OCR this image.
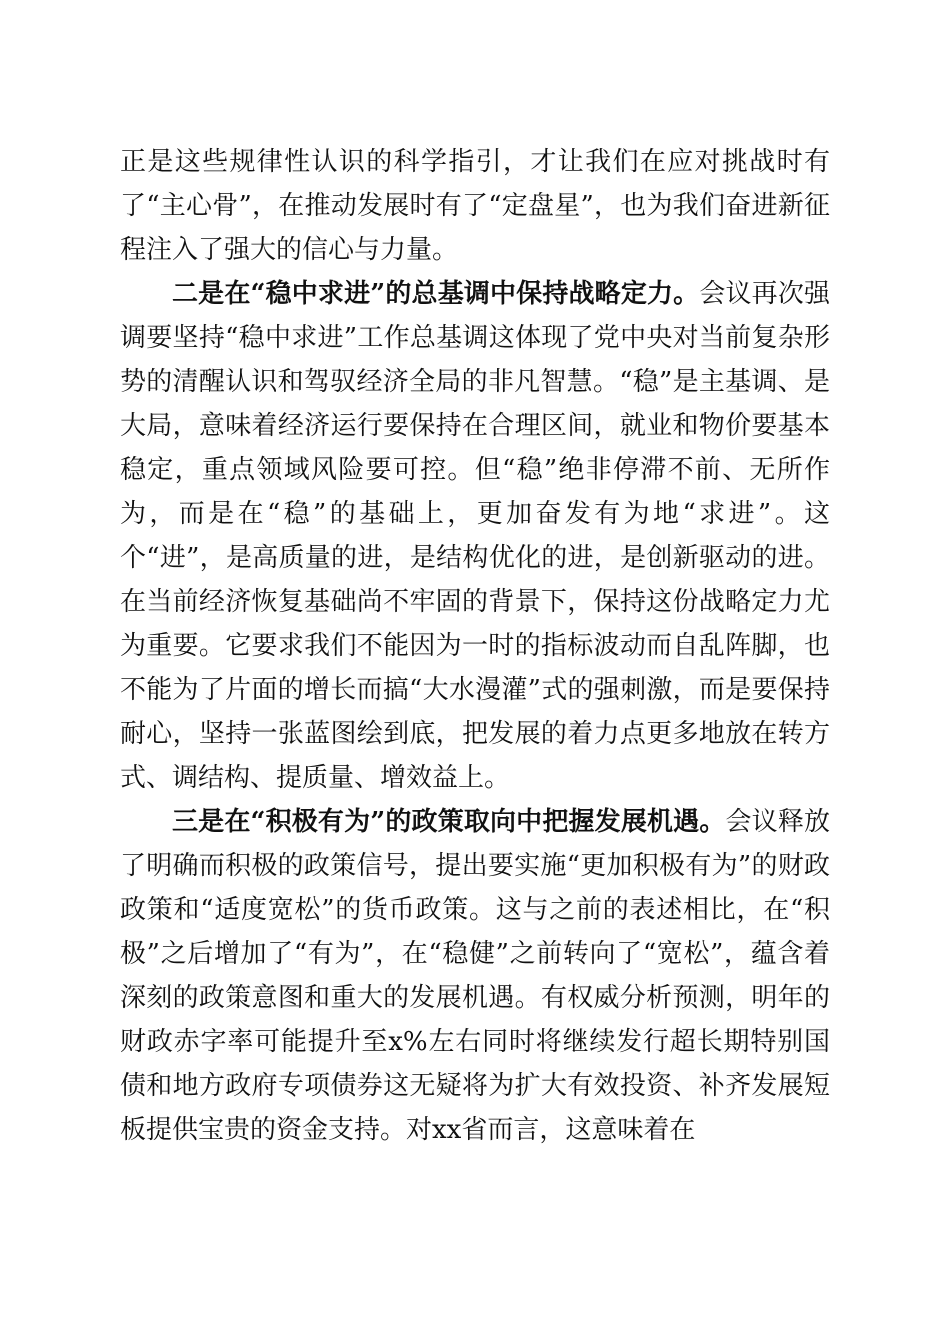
正是这些规律性认识的科学指引，才让我们在应对挑战时有了“主心骨”，在推动发展时有了“定盘星”，也为我们奋进新征程注入了强大的信心与力量。

二是在“稳中求进”的总基调中保持战略定力。会议再次强调要坚持“稳中求进”工作总基调这体现了党中央对当前复杂形势的清醒认识和驾驭经济全局的非凡智慧。“稳”是主基调、是大局，意味着经济运行要保持在合理区间，就业和物价要基本稳定，重点领域风险要可控。但“稳”绝非停滞不前、无所作为，而是在“稳”的基础上，更加奋发有为地“求进”。这个“进”，是高质量的进，是结构优化的进，是创新驱动的进。在当前经济恢复基础尚不牢固的背景下，保持这份战略定力尤为重要。它要求我们不能因为一时的指标波动而自乱阵脚，也不能为了片面的增长而搞“大水漫灌”式的强刺激，而是要保持耐心，坚持一张蓝图绘到底，把发展的着力点更多地放在转方式、调结构、提质量、增效益上。

三是在“积极有为”的政策取向中把握发展机遇。会议释放了明确而积极的政策信号，提出要实施“更加积极有为”的财政政策和“适度宽松”的货币政策。这与之前的表述相比，在“积极”之后增加了“有为”，在“稳健”之前转向了“宽松”，蕴含着深刻的政策意图和重大的发展机遇。有权威分析预测，明年的财政赤字率可能提升至x%左右同时将继续发行超长期特别国债和地方政府专项债券这无疑将为扩大有效投资、补齐发展短板提供宝贵的资金支持。对xx省而言，这意味着在
